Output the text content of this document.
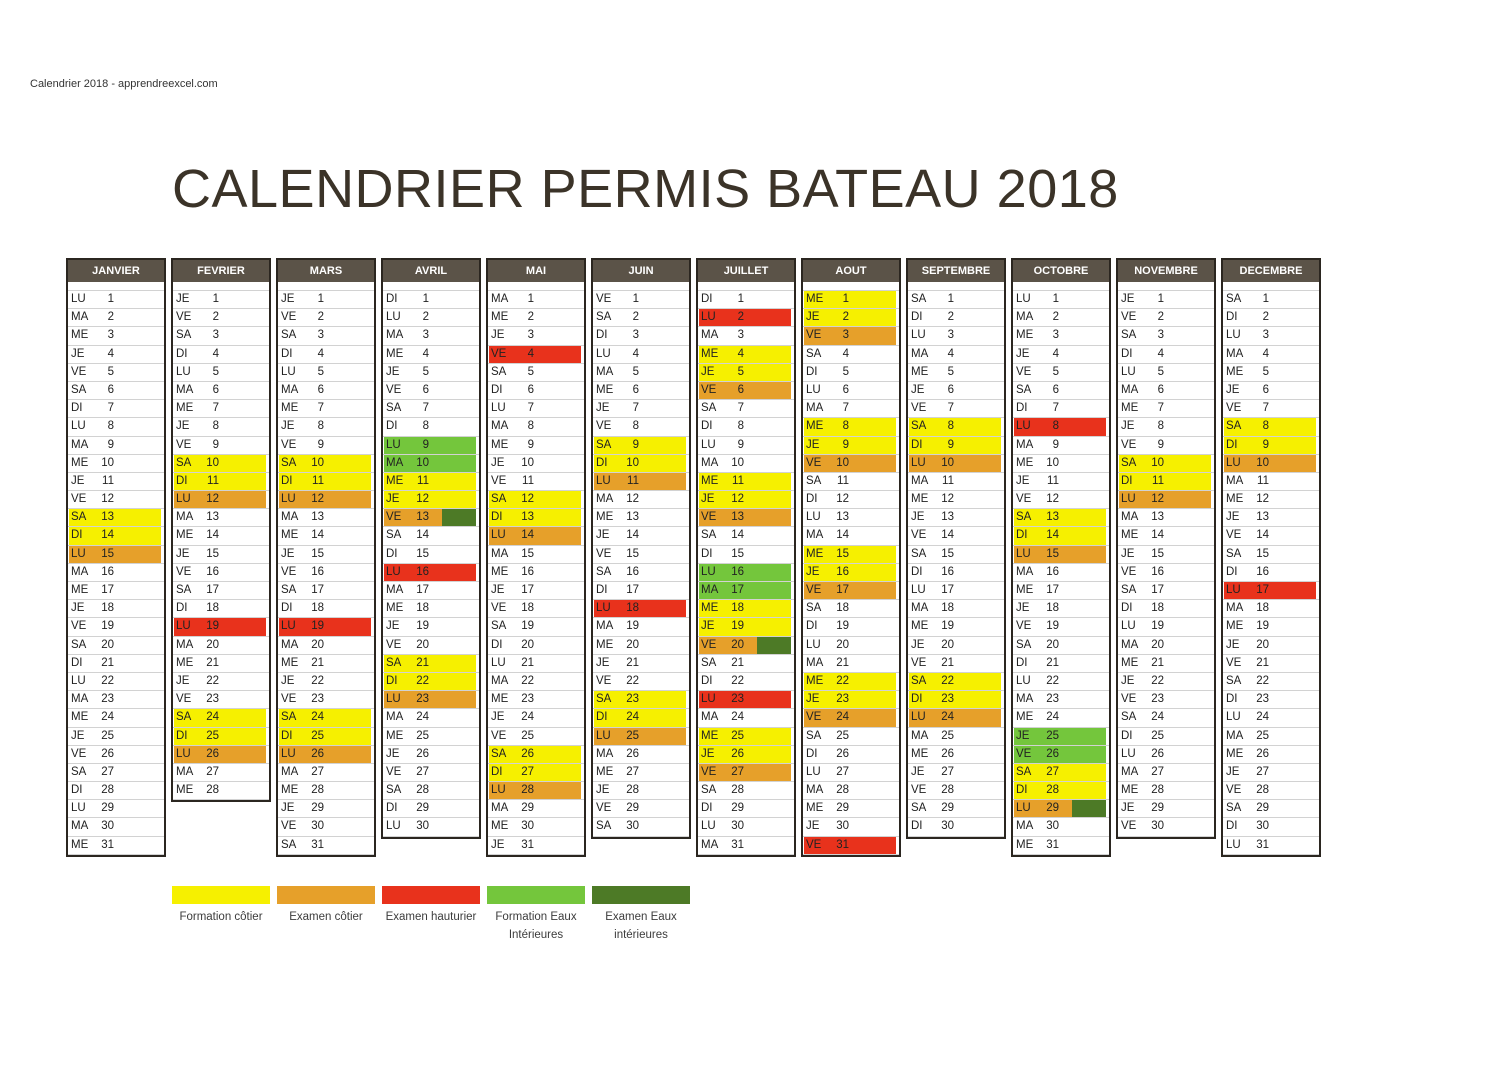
Calendrier 2018 - apprendreexcel.com
CALENDRIER PERMIS BATEAU 2018
JANVIER
LU	1
MA	2
ME	3
JE	4
VE	5
SA	6
DI	7
LU	8
MA	9
ME 10
JE 11
VE 12
SA 13
DI 14
LU 15
MA 16
ME 17
JE 18
VE 19
SA 20
DI 21
LU 22
MA 23
ME 24
JE 25
VE 26
SA 27
DI 28
LU 29
MA 30
ME 31
FEVRIER
JE	1
VE	2
SA	3
DI	4
LU	5
MA	6
ME	7
JE	8
VE	9
SA 10
DI 11
LU 12
MA 13
ME 14
JE 15
VE 16
SA 17
DI 18
LU 19
MA 20
ME 21
JE 22
VE 23
SA 24
DI 25
LU 26
MA 27
ME 28
MARS
JE	1
VE	2
SA	3
DI	4
LU	5
MA	6
ME	7
JE	8
VE	9
SA 10
DI 11
LU 12
MA 13
ME 14
JE 15
VE 16
SA 17
DI 18
LU 19
MA 20
ME 21
JE 22
VE 23
SA 24
DI 25
LU 26
MA 27
ME 28
JE 29
VE 30
SA 31
AVRIL
DI	1
LU	2
MA	3
ME	4
JE	5
VE	6
SA	7
DI	8
LU	9
MA 10
ME 11
JE 12
VE 13
SA 14
DI 15
LU 16
MA 17
ME 18
JE 19
VE 20
SA 21
DI 22
LU 23
MA 24
ME 25
JE 26
VE 27
SA 28
DI 29
LU 30
MAI
MA	1
ME	2
JE	3
VE	4
SA	5
DI	6
LU	7
MA	8
ME	9
JE 10
VE 11
SA 12
DI 13
LU 14
MA 15
ME 16
JE 17
VE 18
SA 19
DI 20
LU 21
MA 22
ME 23
JE 24
VE 25
SA 26
DI 27
LU 28
MA 29
ME 30
JE 31
JUIN
VE	1
SA	2
DI	3
LU	4
MA	5
ME	6
JE	7
VE	8
SA	9
DI 10
LU 11
MA 12
ME 13
JE 14
VE 15
SA 16
DI 17
LU 18
MA 19
ME 20
JE 21
VE 22
SA 23
DI 24
LU 25
MA 26
ME 27
JE 28
VE 29
SA 30
JUILLET
DI	1
LU	2
MA	3
ME	4
JE	5
VE	6
SA	7
DI	8
LU	9
MA 10
ME 11
JE 12
VE 13
SA 14
DI 15
LU 16
MA 17
ME 18
JE 19
VE 20
SA 21
DI 22
LU 23
MA 24
ME 25
JE 26
VE 27
SA 28
DI 29
LU 30
MA 31
AOUT
ME	1
JE	2
VE	3
SA	4
DI	5
LU	6
MA	7
ME	8
JE	9
VE 10
SA 11
DI 12
LU 13
MA 14
ME 15
JE 16
VE 17
SA 18
DI 19
LU 20
MA 21
ME 22
JE 23
VE 24
SA 25
DI 26
LU 27
MA 28
ME 29
JE 30
VE 31
SEPTEMBRE
SA	1
DI	2
LU	3
MA	4
ME	5
JE	6
VE	7
SA	8
DI	9
LU 10
MA 11
ME 12
JE 13
VE 14
SA 15
DI 16
LU 17
MA 18
ME 19
JE 20
VE 21
SA 22
DI 23
LU 24
MA 25
ME 26
JE 27
VE 28
SA 29
DI 30
OCTOBRE
LU	1
MA	2
ME	3
JE	4
VE	5
SA	6
DI	7
LU	8
MA	9
ME 10
JE 11
VE 12
SA 13
DI 14
LU 15
MA 16
ME 17
JE 18
VE 19
SA 20
DI 21
LU 22
MA 23
ME 24
JE 25
VE 26
SA 27
DI 28
LU 29
MA 30
ME 31
NOVEMBRE
JE	1
VE	2
SA	3
DI	4
LU	5
MA	6
ME	7
JE	8
VE	9
SA 10
DI 11
LU 12
MA 13
ME 14
JE 15
VE 16
SA 17
DI 18
LU 19
MA 20
ME 21
JE 22
VE 23
SA 24
DI 25
LU 26
MA 27
ME 28
JE 29
VE 30
DECEMBRE
SA	1
DI	2
LU	3
MA	4
ME	5
JE	6
VE	7
SA	8
DI	9
LU 10
MA 11
ME 12
JE 13
VE 14
SA 15
DI 16
LU 17
MA 18
ME 19
JE 20
VE 21
SA 22
DI 23
LU 24
MA 25
ME 26
JE 27
VE 28
SA 29
DI 30
LU 31
Formation côtier	Examen côtier	Examen hauturier	Formation Eaux Intérieures
Examen Eaux intérieures
